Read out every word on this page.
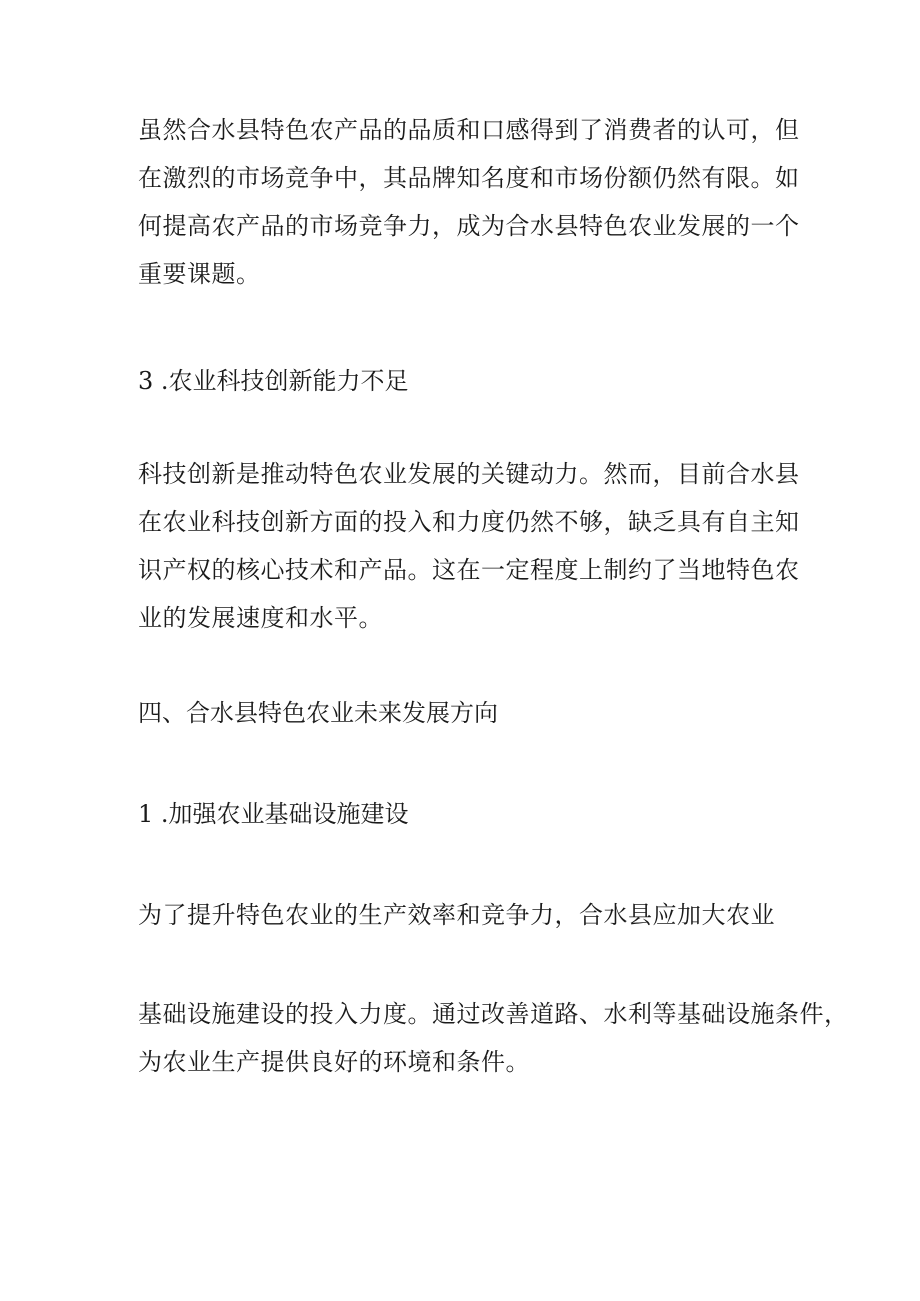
虽然合水县特色农产品的品质和口感得到了消费者的认可，但
在激烈的市场竞争中，其品牌知名度和市场份额仍然有限。如
何提高农产品的市场竞争力，成为合水县特色农业发展的一个
重要课题。
3 .农业科技创新能力不足
科技创新是推动特色农业发展的关键动力。然而，目前合水县
在农业科技创新方面的投入和力度仍然不够，缺乏具有自主知
识产权的核心技术和产品。这在一定程度上制约了当地特色农
业的发展速度和水平。
四、合水县特色农业未来发展方向
1 .加强农业基础设施建设
为了提升特色农业的生产效率和竞争力，合水县应加大农业
基础设施建设的投入力度。通过改善道路、水利等基础设施条件，
为农业生产提供良好的环境和条件。
